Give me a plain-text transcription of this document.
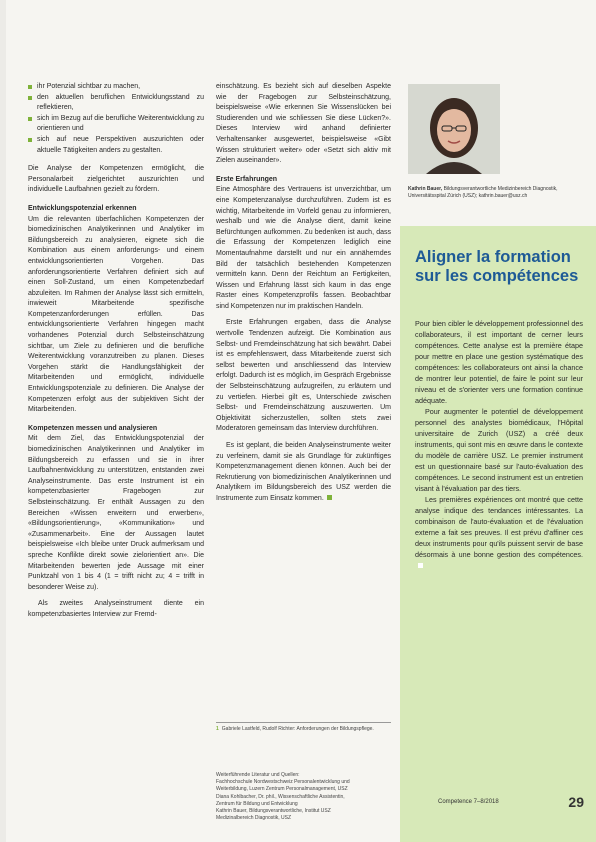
ihr Potenzial sichtbar zu machen,
den aktuellen beruflichen Entwicklungsstand zu reflektieren,
sich im Bezug auf die berufliche Weiterentwicklung zu orientieren und
sich auf neue Perspektiven auszurichten oder aktuelle Tätigkeiten anders zu gestalten.

Die Analyse der Kompetenzen ermöglicht, die Personalarbeit zielgerichtet auszurichten und individuelle Laufbahnen gezielt zu fördern.

Entwicklungspotenzial erkennen

Um die relevanten überfachlichen Kompetenzen der biomedizinischen Analytikerinnen und Analytiker im Bildungsbereich zu analysieren, eignete sich die Kombination aus einem anforderungs- und einem entwicklungsorientierten Vorgehen. Das anforderungsorientierte Verfahren definiert sich auf einen Soll-Zustand, um einen Kompetenzbedarf abzuleiten. Im Rahmen der Analyse lässt sich ermitteln, inwieweit Mitarbeitende spezifische Kompetenzanforderungen erfüllen. Das entwicklungsorientierte Verfahren hingegen macht vorhandenes Potenzial durch Selbsteinschätzung sichtbar, um Ziele zu definieren und die berufliche Weiterentwicklung voranzutreiben zu planen. Dieses Vorgehen stärkt die Handlungsfähigkeit der Mitarbeitenden und ermöglicht, individuelle Entwicklungspotenziale zu definieren. Die Analyse der Kompetenzen erfolgt aus der subjektiven Sicht der Mitarbeitenden.

Kompetenzen messen und analysieren

Mit dem Ziel, das Entwicklungspotenzial der biomedizinischen Analytikerinnen und Analytiker im Bildungsbereich zu erfassen und sie in ihrer Laufbahnentwicklung zu unterstützen, entstanden zwei Analyseinstrumente. Das erste Instrument ist ein kompetenzbasierter Fragebogen zur Selbsteinschätzung. Er enthält Aussagen zu den Bereichen «Wissen erweitern und erwerben», «Bildungsorientierung», «Kommunikation» und «Zusammenarbeit». Eine der Aussagen lautet beispielsweise «Ich bleibe unter Druck aufmerksam und spreche Konflikte direkt sowie zielorientiert an». Die Mitarbeitenden bewerten jede Aussage mit einer Punktzahl von 1 bis 4 (1 = trifft nicht zu; 4 = trifft in besonderer Weise zu).

Als zweites Analyseinstrument diente ein kompetenzbasiertes Interview zur Fremd-

einschätzung. Es bezieht sich auf dieselben Aspekte wie der Fragebogen zur Selbsteinschätzung, beispielsweise «Wie erkennen Sie Wissenslücken bei Studierenden und wie schliessen Sie diese Lücken?». Dieses Interview wird anhand definierter Verhaltensanker ausgewertet, beispielsweise «Gibt Wissen strukturiert weiter» oder «Setzt sich aktiv mit Zielen auseinander».

Erste Erfahrungen

Eine Atmosphäre des Vertrauens ist unverzichtbar, um eine Kompetenzanalyse durchzuführen. Zudem ist es wichtig, Mitarbeitende im Vorfeld genau zu informieren, weshalb und wie die Analyse dient, damit keine Befürchtungen aufkommen. Zu bedenken ist auch, dass die Erfassung der Kompetenzen lediglich eine Momentaufnahme darstellt und nur ein annäherndes Bild der tatsächlich bestehenden Kompetenzen vermitteln kann. Denn der Reichtum an Fertigkeiten, Wissen und Erfahrung lässt sich kaum in das enge Raster eines Kompetenzprofils fassen. Beobachtbar sind Kompetenzen nur im praktischen Handeln.

Erste Erfahrungen ergaben, dass die Analyse wertvolle Tendenzen aufzeigt. Die Kombination aus Selbst- und Fremdeinschätzung hat sich bewährt. Dabei ist es empfehlenswert, dass Mitarbeitende zuerst sich selbst bewerten und anschliessend das Interview erfolgt. Dadurch ist es möglich, im Gespräch Ergebnisse der Selbsteinschätzung aufzugreifen, zu erläutern und zu vertiefen. Hierbei gilt es, Unterschiede zwischen Selbst- und Fremdeinschätzung auszuwerten. Um Objektivität sicherzustellen, sollten stets zwei Moderatoren gemeinsam das Interview durchführen.

Es ist geplant, die beiden Analyseinstrumente weiter zu verfeinern, damit sie als Grundlage für zukünftiges Kompetenzmanagement dienen können. Auch bei der Rekrutierung von biomedizinischen Analytikerinnen und Analytikern im Bildungsbereich des USZ werden die Instrumente zum Einsatz kommen.

1 Gabriele Lastfeld, Rudolf Richter: Anforderungen der Bildungspflege.
Weiterführende Literatur und Quellen:
Fachhochschule Nordwestschweiz Personalentwicklung und
Weiterbildung, Luzern Zentrum Personalmanagement, USZ
Diana Kohlbacher, Dr. phil., Wissenschaftliche Assistentin,
Zentrum für Bildung und Entwicklung
Kathrin Bauer, Bildungsverantwortliche, Institut USZ
Medizinalbereich Diagnostik, USZ
Kathrin Bauer, Bildungsverantwortliche Medizinbereich Diagnostik, Universitätsspital Zürich (USZ); kathrin.bauer@usz.ch
Aligner la formation sur les compétences

Pour bien cibler le développement professionnel des collaborateurs, il est important de cerner leurs compétences. Cette analyse est la première étape pour mettre en place une gestion systématique des compétences: les collaborateurs ont ainsi la chance de montrer leur potentiel, de faire le point sur leur niveau et de s'orienter vers une formation continue adéquate.

Pour augmenter le potentiel de développement personnel des analystes biomédicaux, l'Hôpital universitaire de Zurich (USZ) a créé deux instruments, qui sont mis en œuvre dans le contexte du modèle de carrière USZ. Le premier instrument est un questionnaire basé sur l'auto-évaluation des compétences. Le second instrument est un entretien visant à l'évaluation par des tiers.

Les premières expériences ont montré que cette analyse indique des tendances intéressantes. La combinaison de l'auto-évaluation et de l'évaluation externe a fait ses preuves. Il est prévu d'affiner ces deux instruments pour qu'ils puissent servir de base désormais à une bonne gestion des compétences.

Competence 7–8/2018	29
